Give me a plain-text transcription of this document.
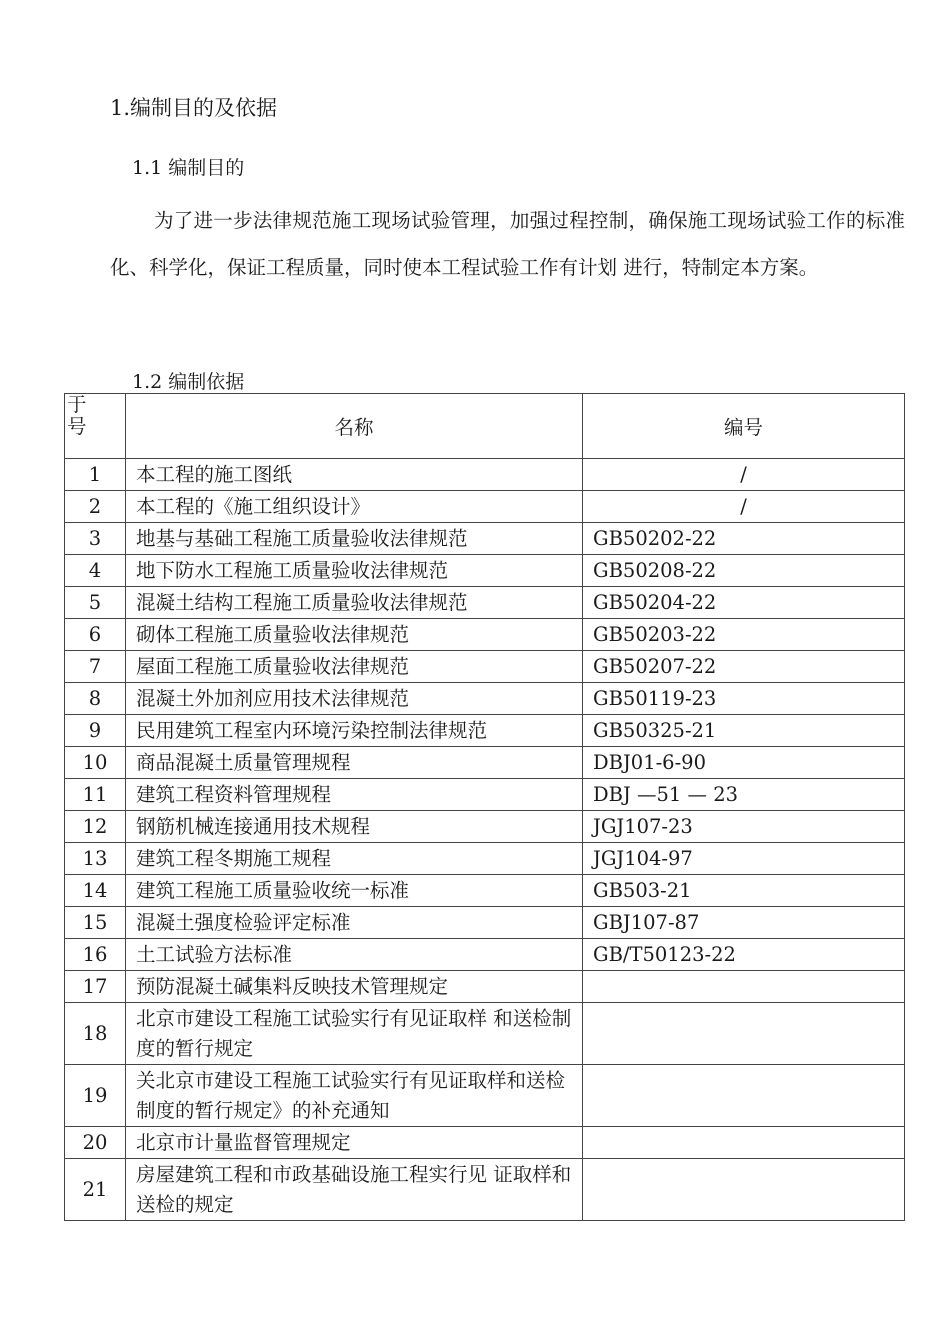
1.编制目的及依据
1.1 编制目的

为了进一步法律规范施工现场试验管理，加强过程控制，确保施工现场试验工作的标准化、科学化，保证工程质量，同时使本工程试验工作有计划 进行，特制定本方案。

1.2 编制依据
于
号	名称	编号
1	本工程的施工图纸	/
2	本工程的《施工组织设计》	/
3	地基与基础工程施工质量验收法律规范	GB50202-22
4	地下防水工程施工质量验收法律规范	GB50208-22
5	混凝土结构工程施工质量验收法律规范	GB50204-22
6	砌体工程施工质量验收法律规范	GB50203-22
7	屋面工程施工质量验收法律规范	GB50207-22
8	混凝土外加剂应用技术法律规范	GB50119-23
9	民用建筑工程室内环境污染控制法律规范	GB50325-21
10	商品混凝土质量管理规程	DBJ01-6-90
11	建筑工程资料管理规程	DBJ —51 — 23
12	钢筋机械连接通用技术规程	JGJ107-23
13	建筑工程冬期施工规程	JGJ104-97
14	建筑工程施工质量验收统一标准	GB503-21
15	混凝土强度检验评定标准	GBJ107-87
16	土工试验方法标准	GB/T50123-22
17	预防混凝土碱集料反映技术管理规定	
18	北京市建设工程施工试验实行有见证取样 和送检制度的暂行规定	
19	关北京市建设工程施工试验实行有见证取样和送检制度的暂行规定》的补充通知	
20	北京市计量监督管理规定	
21	房屋建筑工程和市政基础设施工程实行见 证取样和送检的规定	
